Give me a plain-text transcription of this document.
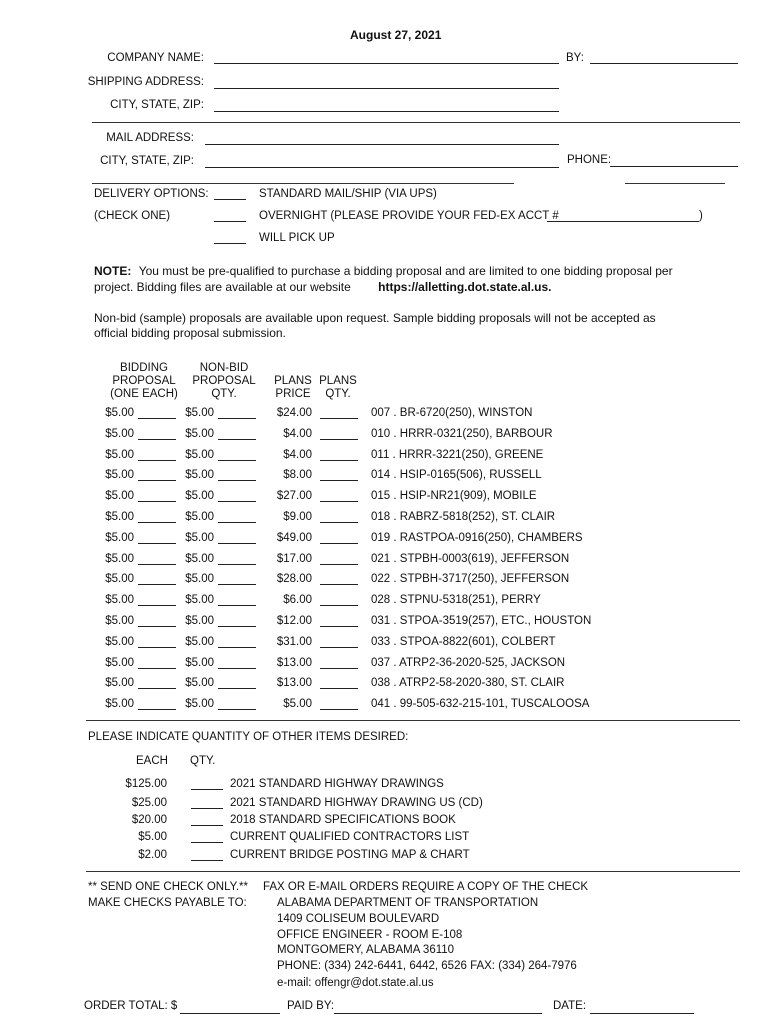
August 27, 2021
COMPANY NAME:	BY:
SHIPPING ADDRESS:
CITY, STATE, ZIP:
MAIL ADDRESS:
CITY, STATE, ZIP:	PHONE:
DELIVERY OPTIONS:	STANDARD MAIL/SHIP (VIA UPS)
(CHECK ONE)	OVERNIGHT (PLEASE PROVIDE YOUR FED-EX ACCT #	)
WILL PICK UP
NOTE: You must be pre-qualified to purchase a bidding proposal and are limited to one bidding proposal per
project. Bidding files are available at our website https://alletting.dot.state.al.us.
Non-bid (sample) proposals are available upon request. Sample bidding proposals will not be accepted as
official bidding proposal submission.
BIDDING
PROPOSAL
(ONE EACH)
NON-BID
PROPOSAL
QTY.
PLANS
PRICE
PLANS
QTY.
$5.00	$5.00	$24.00	007 . BR-6720(250), WINSTON
$5.00	$5.00	$4.00	010 . HRRR-0321(250), BARBOUR
$5.00	$5.00	$4.00	011 . HRRR-3221(250), GREENE
$5.00	$5.00	$8.00	014 . HSIP-0165(506), RUSSELL
$5.00	$5.00	$27.00	015 . HSIP-NR21(909), MOBILE
$5.00	$5.00	$9.00	018 . RABRZ-5818(252), ST. CLAIR
$5.00	$5.00	$49.00	019 . RASTPOA-0916(250), CHAMBERS
$5.00	$5.00	$17.00	021 . STPBH-0003(619), JEFFERSON
$5.00	$5.00	$28.00	022 . STPBH-3717(250), JEFFERSON
$5.00	$5.00	$6.00	028 . STPNU-5318(251), PERRY
$5.00	$5.00	$12.00	031 . STPOA-3519(257), ETC., HOUSTON
$5.00	$5.00	$31.00	033 . STPOA-8822(601), COLBERT
$5.00	$5.00	$13.00	037 . ATRP2-36-2020-525, JACKSON
$5.00	$5.00	$13.00	038 . ATRP2-58-2020-380, ST. CLAIR
$5.00	$5.00	$5.00	041 . 99-505-632-215-101, TUSCALOOSA
PLEASE INDICATE QUANTITY OF OTHER ITEMS DESIRED:
EACH QTY.
$125.00	2021 STANDARD HIGHWAY DRAWINGS
$25.00	2021 STANDARD HIGHWAY DRAWING US (CD)
$20.00	2018 STANDARD SPECIFICATIONS BOOK
$5.00	CURRENT QUALIFIED CONTRACTORS LIST
$2.00	CURRENT BRIDGE POSTING MAP & CHART
** SEND ONE CHECK ONLY.**
MAKE CHECKS PAYABLE TO:
FAX OR E-MAIL ORDERS REQUIRE A COPY OF THE CHECK
ALABAMA DEPARTMENT OF TRANSPORTATION
1409 COLISEUM BOULEVARD
OFFICE ENGINEER - ROOM E-108
MONTGOMERY, ALABAMA 36110
PHONE: (334) 242-6441, 6442, 6526 FAX: (334) 264-7976
e-mail: offengr@dot.state.al.us
ORDER TOTAL: $	PAID BY:	DATE:
